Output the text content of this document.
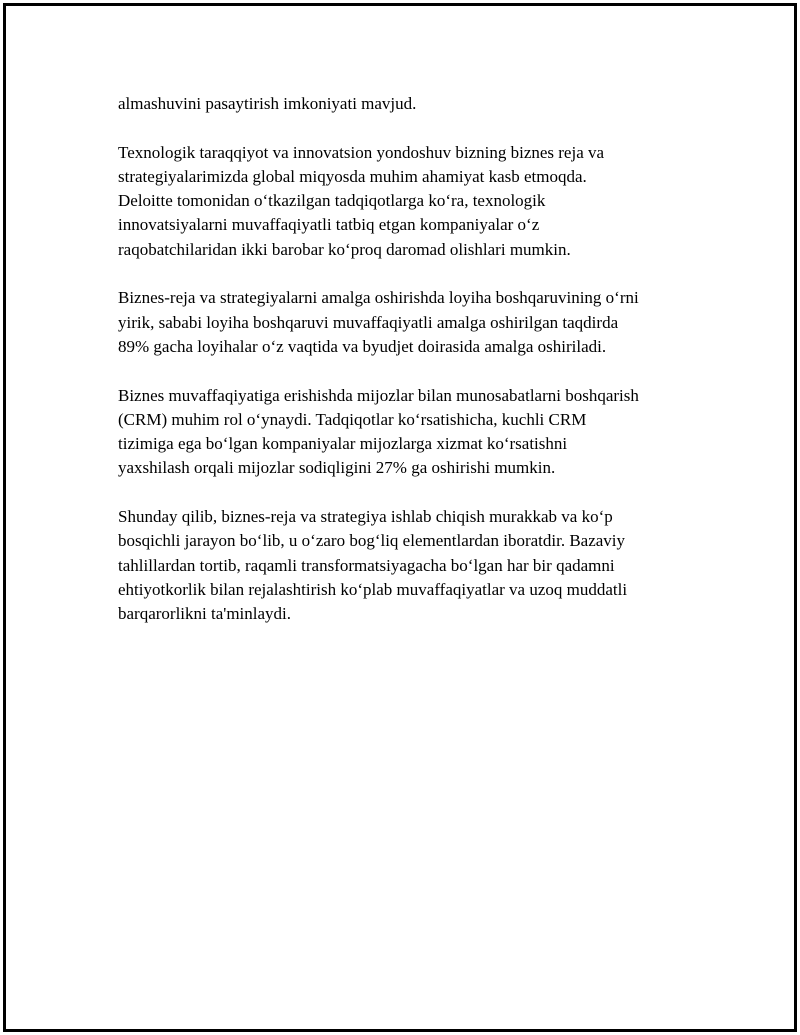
almashuvini pasaytirish imkoniyati mavjud.

Texnologik taraqqiyot va innovatsion yondoshuv bizning biznes reja va
strategiyalarimizda global miqyosda muhim ahamiyat kasb etmoqda.
Deloitte tomonidan o‘tkazilgan tadqiqotlarga ko‘ra, texnologik
innovatsiyalarni muvaffaqiyatli tatbiq etgan kompaniyalar o‘z
raqobatchilaridan ikki barobar ko‘proq daromad olishlari mumkin.

Biznes-reja va strategiyalarni amalga oshirishda loyiha boshqaruvining o‘rni
yirik, sababi loyiha boshqaruvi muvaffaqiyatli amalga oshirilgan taqdirda
89% gacha loyihalar o‘z vaqtida va byudjet doirasida amalga oshiriladi.

Biznes muvaffaqiyatiga erishishda mijozlar bilan munosabatlarni boshqarish
(CRM) muhim rol o‘ynaydi. Tadqiqotlar ko‘rsatishicha, kuchli CRM
tizimiga ega bo‘lgan kompaniyalar mijozlarga xizmat ko‘rsatishni
yaxshilash orqali mijozlar sodiqligini 27% ga oshirishi mumkin.

Shunday qilib, biznes-reja va strategiya ishlab chiqish murakkab va ko‘p
bosqichli jarayon bo‘lib, u o‘zaro bog‘liq elementlardan iboratdir. Bazaviy
tahlillardan tortib, raqamli transformatsiyagacha bo‘lgan har bir qadamni
ehtiyotkorlik bilan rejalashtirish ko‘plab muvaffaqiyatlar va uzoq muddatli
barqarorlikni ta'minlaydi.
